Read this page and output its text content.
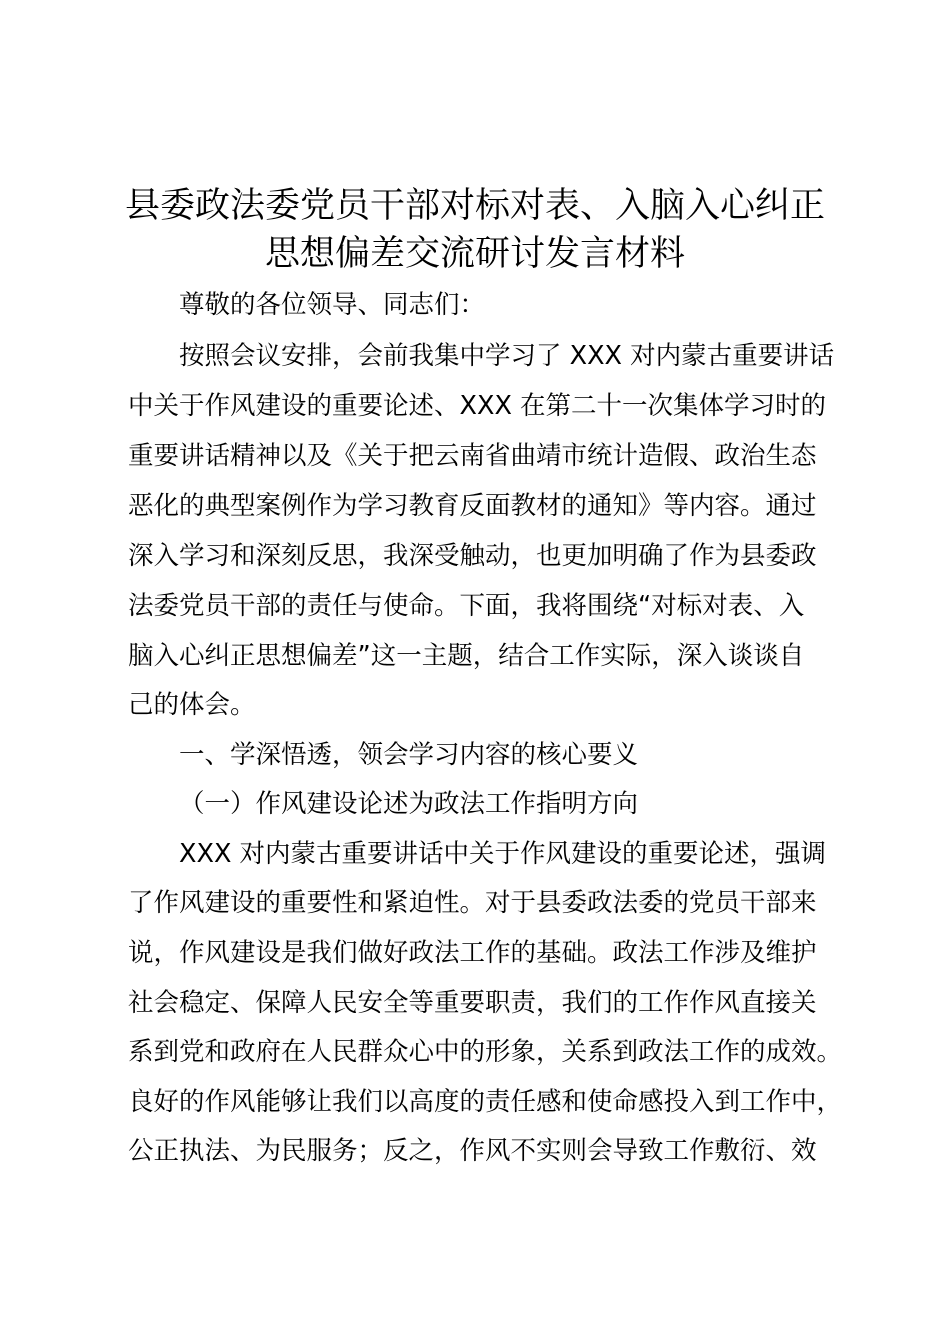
县委政法委党员干部对标对表、入脑入心纠正
思想偏差交流研讨发言材料
尊敬的各位领导、同志们：
按照会议安排，会前我集中学习了 XXX 对内蒙古重要讲话
中关于作风建设的重要论述、XXX 在第二十一次集体学习时的
重要讲话精神以及《关于把云南省曲靖市统计造假、政治生态
恶化的典型案例作为学习教育反面教材的通知》等内容。通过
深入学习和深刻反思，我深受触动，也更加明确了作为县委政
法委党员干部的责任与使命。下面，我将围绕“对标对表、入
脑入心纠正思想偏差”这一主题，结合工作实际，深入谈谈自
己的体会。
一、学深悟透，领会学习内容的核心要义
（一）作风建设论述为政法工作指明方向
XXX 对内蒙古重要讲话中关于作风建设的重要论述，强调
了作风建设的重要性和紧迫性。对于县委政法委的党员干部来
说，作风建设是我们做好政法工作的基础。政法工作涉及维护
社会稳定、保障人民安全等重要职责，我们的工作作风直接关
系到党和政府在人民群众心中的形象，关系到政法工作的成效。
良好的作风能够让我们以高度的责任感和使命感投入到工作中，
公正执法、为民服务；反之，作风不实则会导致工作敷衍、效
